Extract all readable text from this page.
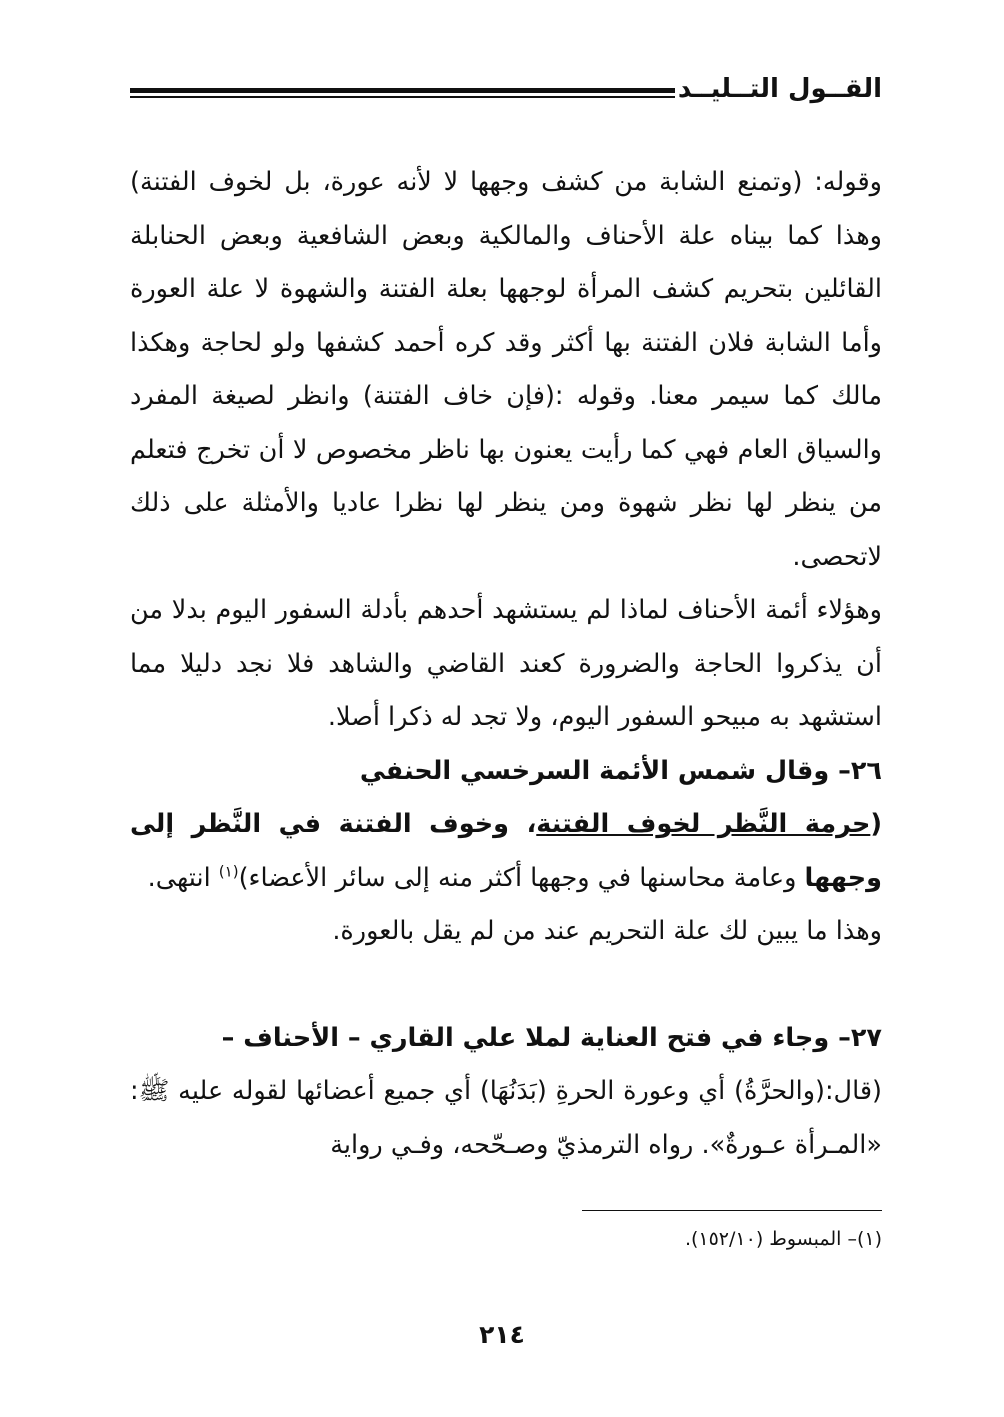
القــول التــليــد

وقوله: (وتمنع الشابة من كشف وجهها لا لأنه عورة، بل لخوف الفتنة) وهذا كما بيناه علة الأحناف والمالكية وبعض الشافعية وبعض الحنابلة القائلين بتحريم كشف المرأة لوجهها بعلة الفتنة والشهوة لا علة العورة وأما الشابة فلان الفتنة بها أكثر وقد كره أحمد كشفها ولو لحاجة وهكذا مالك كما سيمر معنا. وقوله :(فإن خاف الفتنة) وانظر لصيغة المفرد والسياق العام فهي كما رأيت يعنون بها ناظر مخصوص لا أن تخرج فتعلم من ينظر لها نظر شهوة ومن ينظر لها نظرا عاديا والأمثلة على ذلك لاتحصى.

وهؤلاء أئمة الأحناف لماذا لم يستشهد أحدهم بأدلة السفور اليوم بدلا من أن يذكروا الحاجة والضرورة كعند القاضي والشاهد فلا نجد دليلا مما استشهد به مبيحو السفور اليوم، ولا تجد له ذكرا أصلا.

٢٦– وقال شمس الأئمة السرخسي الحنفي

(حرمة النَّظر لخوف الفتنة، وخوف الفتنة في النَّظر إلى وجهها وعامة محاسنها في وجهها أكثر منه إلى سائر الأعضاء)$^{(١)}$ انتهى.

وهذا ما يبين لك علة التحريم عند من لم يقل بالعورة.

٢٧– وجاء في فتح العناية لملا علي القاري – الأحناف –

(قال:(والحرَّةُ) أي وعورة الحرةِ (بَدَنُهَا) أي جميع أعضائها لقوله عليه ﷺ: «المـرأة عـورةٌ». رواه الترمذيّ وصـحّحه، وفـي رواية

(١)– المبسوط (١٥٢/١٠).
٢١٤
